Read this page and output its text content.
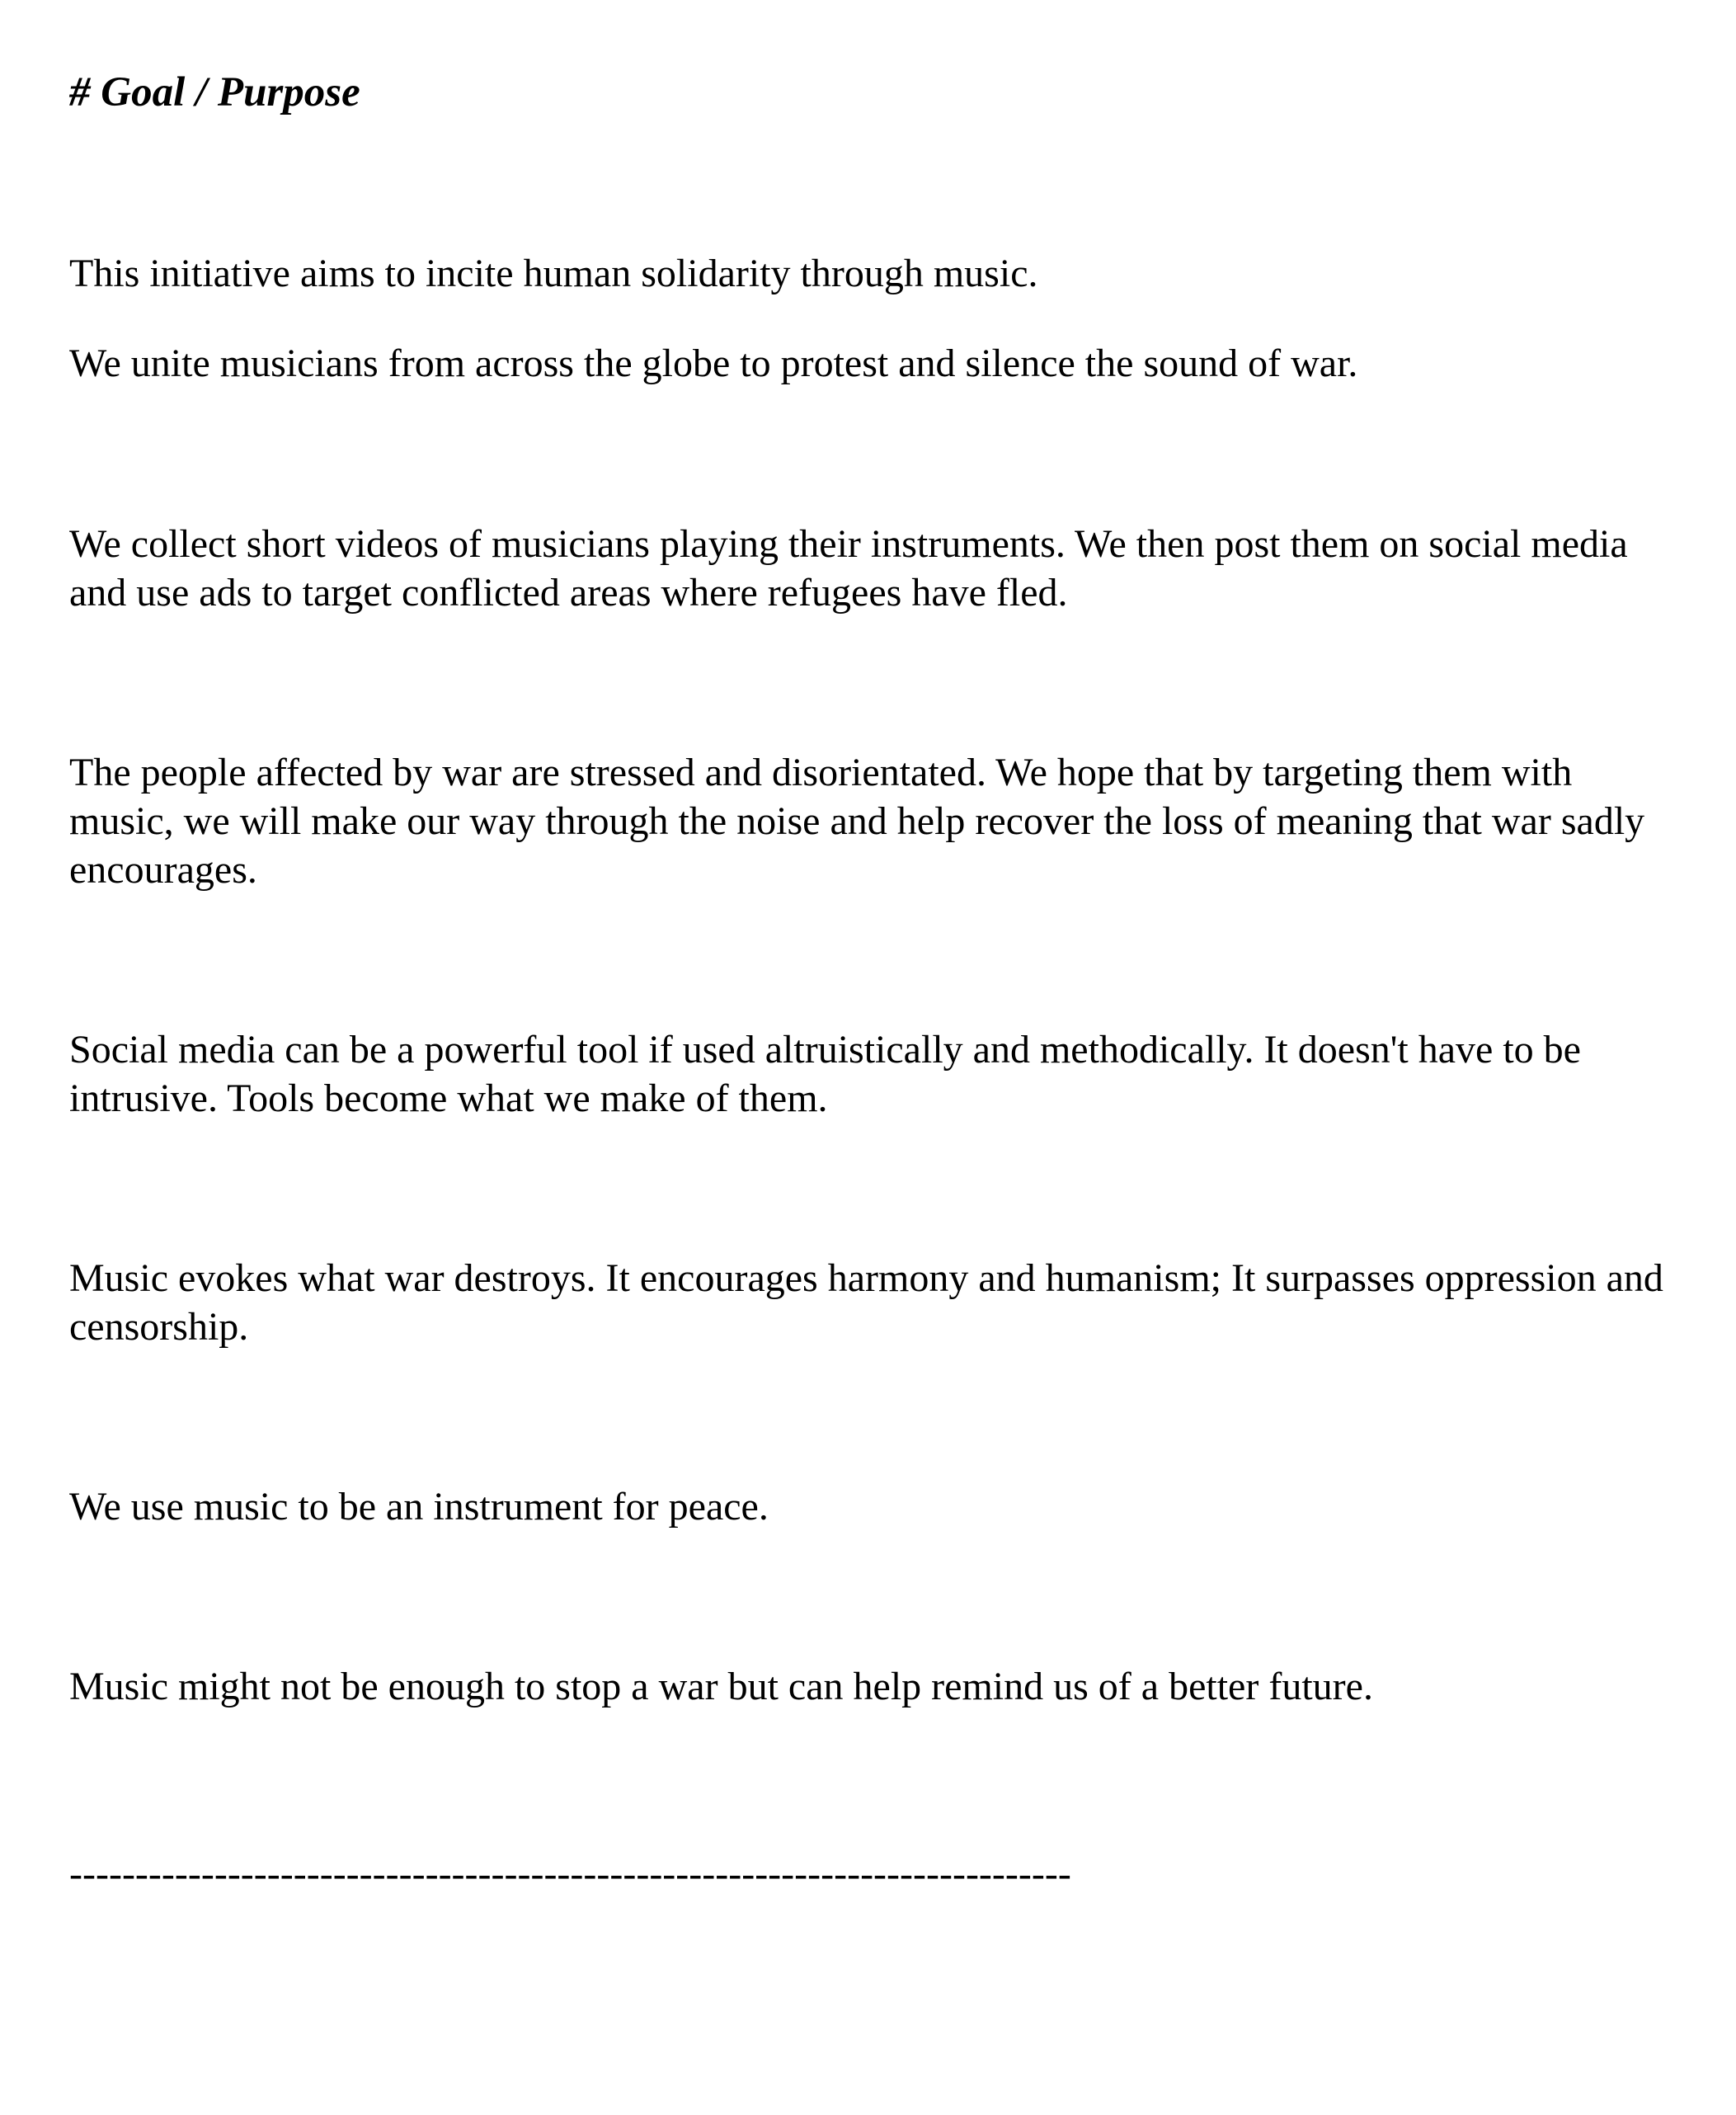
# Goal / Purpose

This initiative aims to incite human solidarity through music.

We unite musicians from across the globe to protest and silence the sound of war.

We collect short videos of musicians playing their instruments. We then post them on social media and use ads to target conflicted areas where refugees have fled.

The people affected by war are stressed and disorientated. We hope that by targeting them with music, we will make our way through the noise and help recover the loss of meaning that war sadly encourages.

Social media can be a powerful tool if used altruistically and methodically. It doesn't have to be intrusive. Tools become what we make of them.

Music evokes what war destroys. It encourages harmony and humanism; It surpasses oppression and censorship.

We use music to be an instrument for peace.

Music might not be enough to stop a war but can help remind us of a better future.

----------------------------------------------------------------------------
